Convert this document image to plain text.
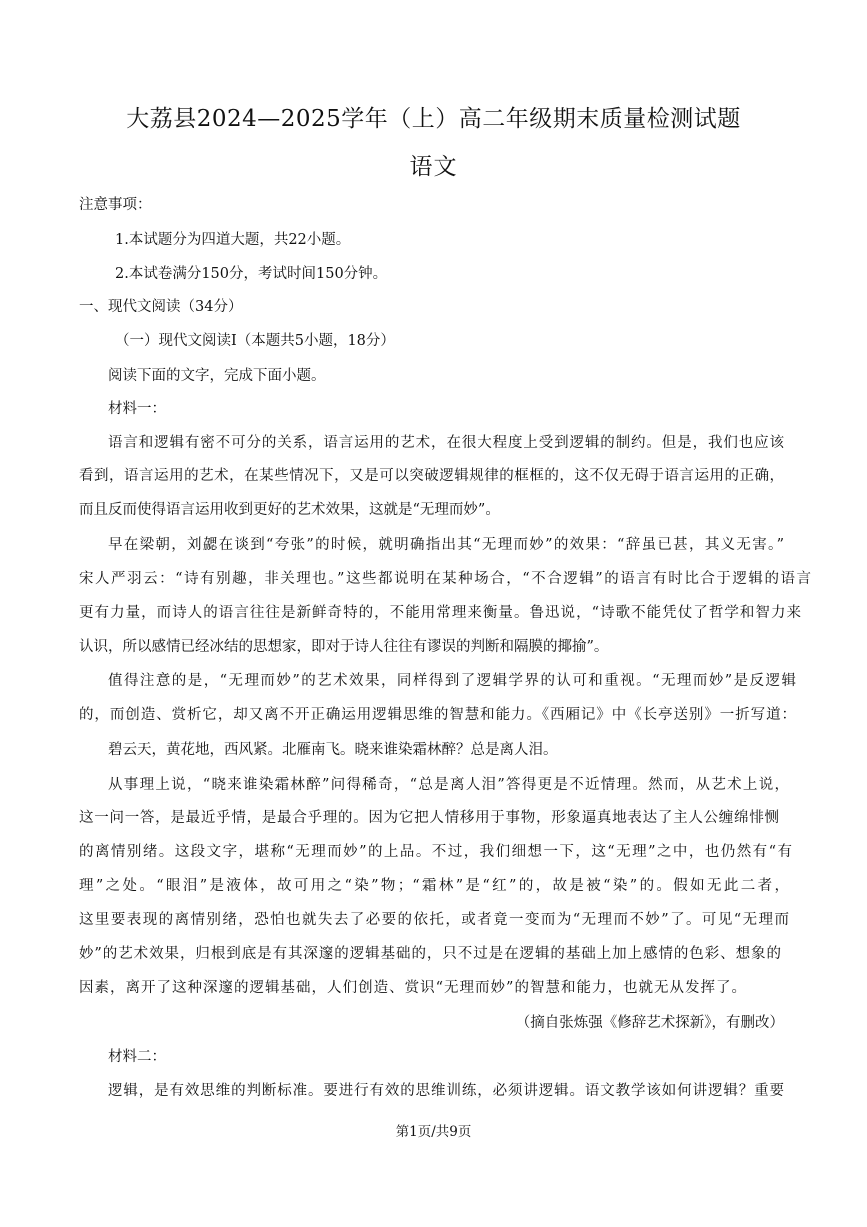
大荔县2024—2025学年（上）高二年级期末质量检测试题
语文
注意事项：
1.本试题分为四道大题，共22小题。
2.本试卷满分150分，考试时间150分钟。
一、现代文阅读（34分）
（一）现代文阅读Ⅰ（本题共5小题，18分）
阅读下面的文字，完成下面小题。
材料一：
语言和逻辑有密不可分的关系，语言运用的艺术，在很大程度上受到逻辑的制约。但是，我们也应该
看到，语言运用的艺术，在某些情况下，又是可以突破逻辑规律的框框的，这不仅无碍于语言运用的正确，
而且反而使得语言运用收到更好的艺术效果，这就是“无理而妙”。
早在梁朝，刘勰在谈到“夸张”的时候，就明确指出其“无理而妙”的效果：“辞虽已甚，其义无害。”
宋人严羽云：“诗有别趣，非关理也。”这些都说明在某种场合，“不合逻辑”的语言有时比合于逻辑的语言
更有力量，而诗人的语言往往是新鲜奇特的，不能用常理来衡量。鲁迅说，“诗歌不能凭仗了哲学和智力来
认识，所以感情已经冰结的思想家，即对于诗人往往有谬误的判断和隔膜的揶揄”。
值得注意的是，“无理而妙”的艺术效果，同样得到了逻辑学界的认可和重视。“无理而妙”是反逻辑
的，而创造、赏析它，却又离不开正确运用逻辑思维的智慧和能力。《西厢记》中《长亭送别》一折写道：
碧云天，黄花地，西风紧。北雁南飞。晓来谁染霜林醉？总是离人泪。
从事理上说，“晓来谁染霜林醉”问得稀奇，“总是离人泪”答得更是不近情理。然而，从艺术上说，
这一问一答，是最近乎情，是最合乎理的。因为它把人情移用于事物，形象逼真地表达了主人公缠绵悱恻
的离情别绪。这段文字，堪称“无理而妙”的上品。不过，我们细想一下，这“无理”之中，也仍然有“有
理”之处。“眼泪”是液体，故可用之“染”物；“霜林”是“红”的，故是被“染”的。假如无此二者，
这里要表现的离情别绪，恐怕也就失去了必要的依托，或者竟一变而为“无理而不妙”了。可见“无理而
妙”的艺术效果，归根到底是有其深邃的逻辑基础的，只不过是在逻辑的基础上加上感情的色彩、想象的
因素，离开了这种深邃的逻辑基础，人们创造、赏识“无理而妙”的智慧和能力，也就无从发挥了。
（摘自张炼强《修辞艺术探新》，有删改）
材料二：
逻辑，是有效思维的判断标准。要进行有效的思维训练，必须讲逻辑。语文教学该如何讲逻辑？重要
第1页/共9页
